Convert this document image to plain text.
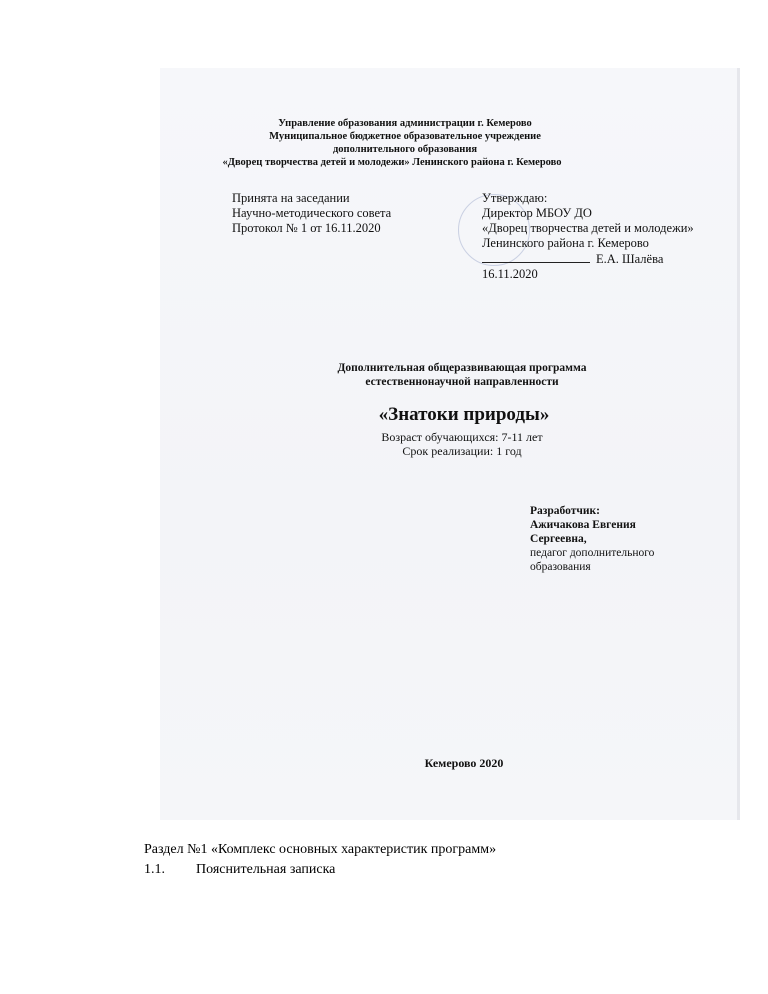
Управление образования администрации г. Кемерово
Муниципальное бюджетное образовательное учреждение
дополнительного образования
«Дворец творчества детей и молодежи» Ленинского района г. Кемерово
Принята на заседании
Научно-методического совета
Протокол № 1 от 16.11.2020
Утверждаю:
Директор МБОУ ДО
«Дворец творчества детей и молодежи»
Ленинского района г. Кемерово
Е.А. Шалёва
16.11.2020
Дополнительная общеразвивающая программа
естественнонаучной направленности
«Знатоки природы»
Возраст обучающихся: 7-11 лет
Срок реализации: 1 год
Разработчик:
Ажичакова Евгения
Сергеевна,
педагог дополнительного
образования
Кемерово 2020
Раздел №1 «Комплекс основных характеристик программ»
1.1. Пояснительная записка
